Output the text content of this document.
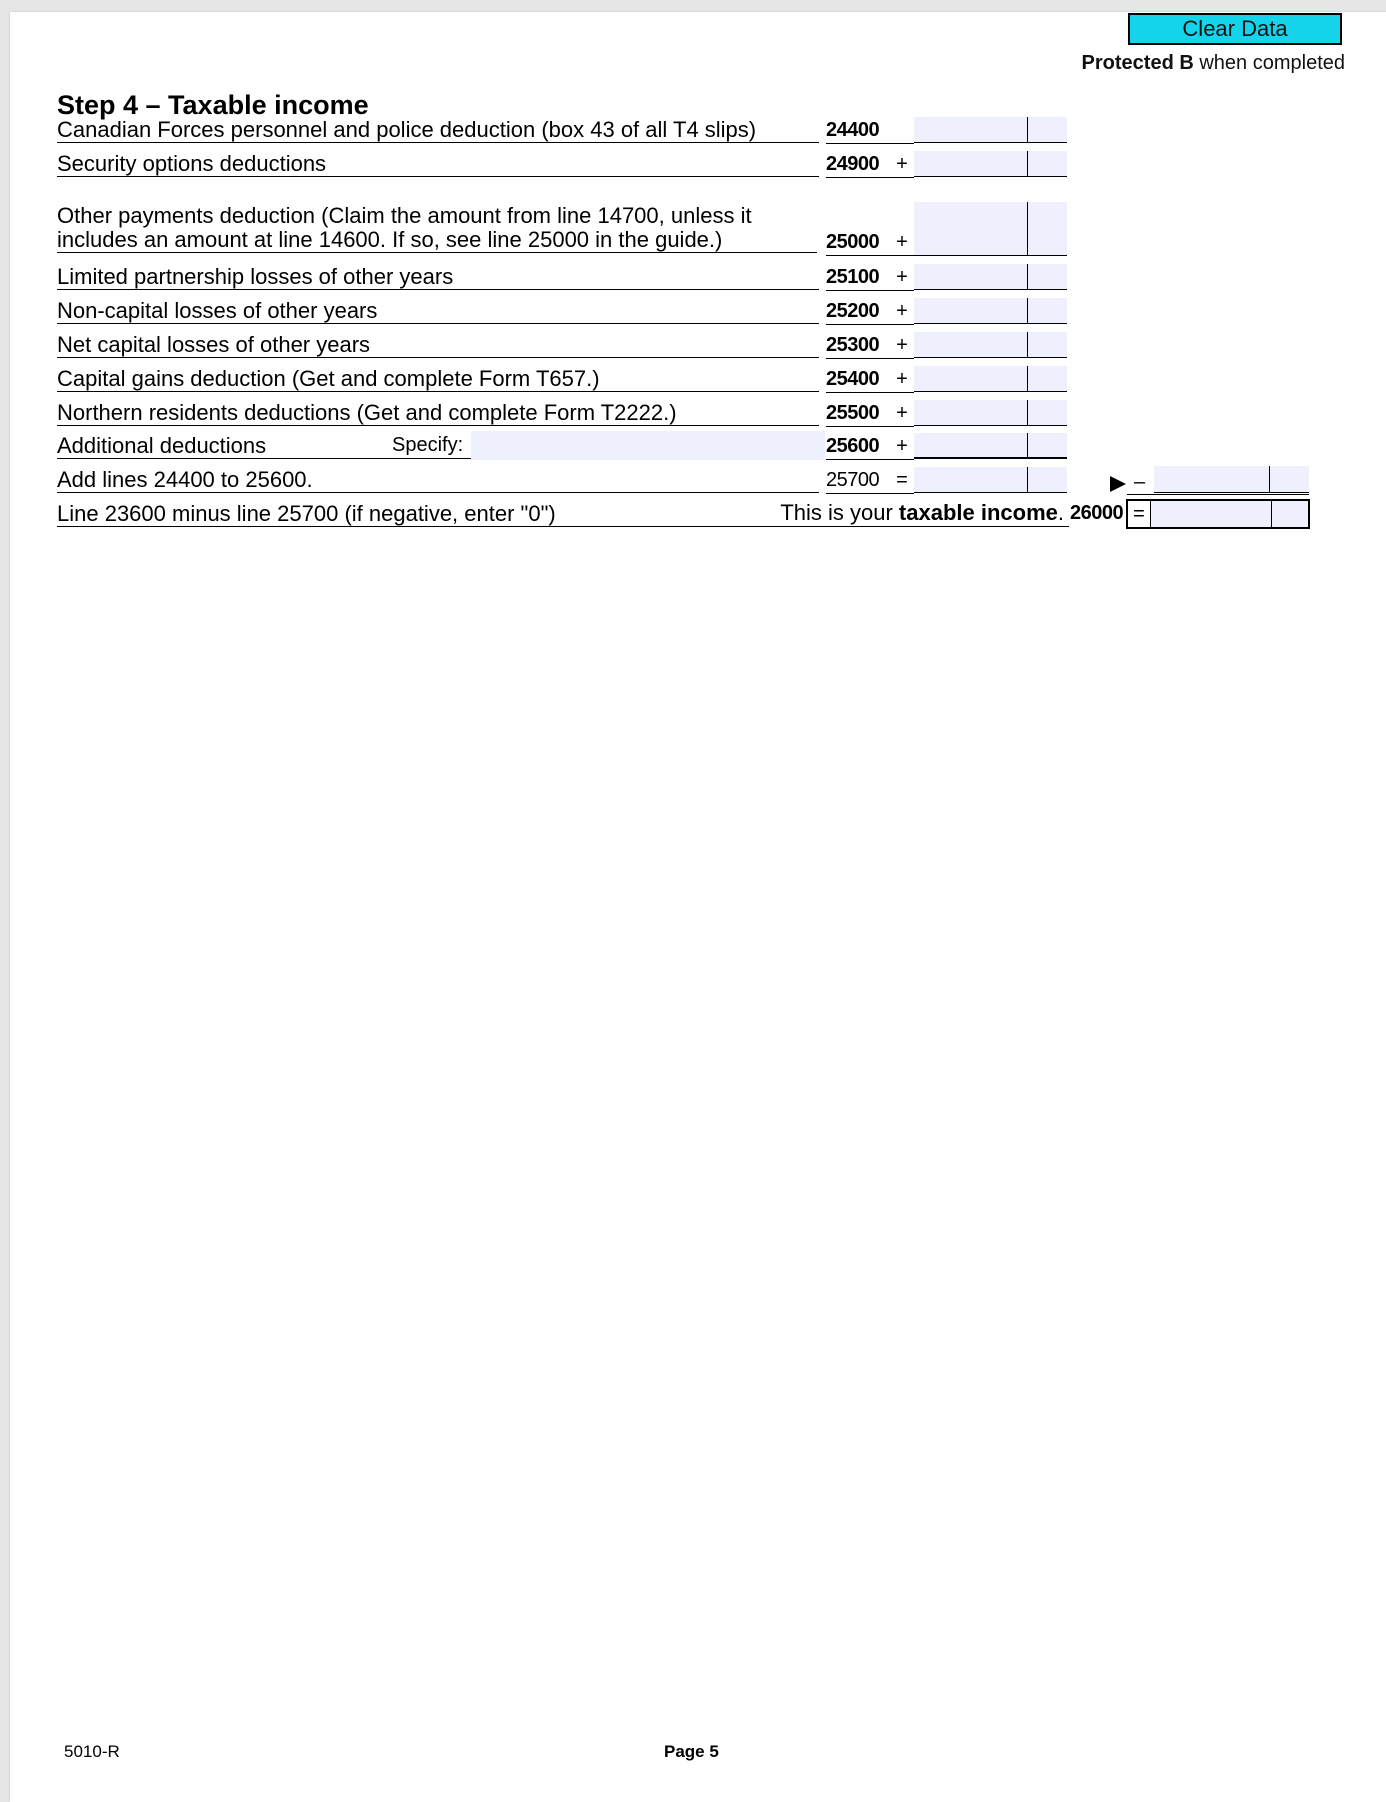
Clear Data
Protected B when completed
Step 4 – Taxable income
Canadian Forces personnel and police deduction (box 43 of all T4 slips)	24400
Security options deductions	24900 +
Other payments deduction (Claim the amount from line 14700, unless it includes an amount at line 14600. If so, see line 25000 in the guide.)	25000 +
Limited partnership losses of other years	25100 +
Non-capital losses of other years	25200 +
Net capital losses of other years	25300 +
Capital gains deduction (Get and complete Form T657.)	25400 +
Northern residents deductions (Get and complete Form T2222.)	25500 +
Additional deductions	Specify:	25600 +
Add lines 24400 to 25600.	25700 =	–
Line 23600 minus line 25700 (if negative, enter "0")	This is your taxable income. 26000 =
5010-R	Page 5
